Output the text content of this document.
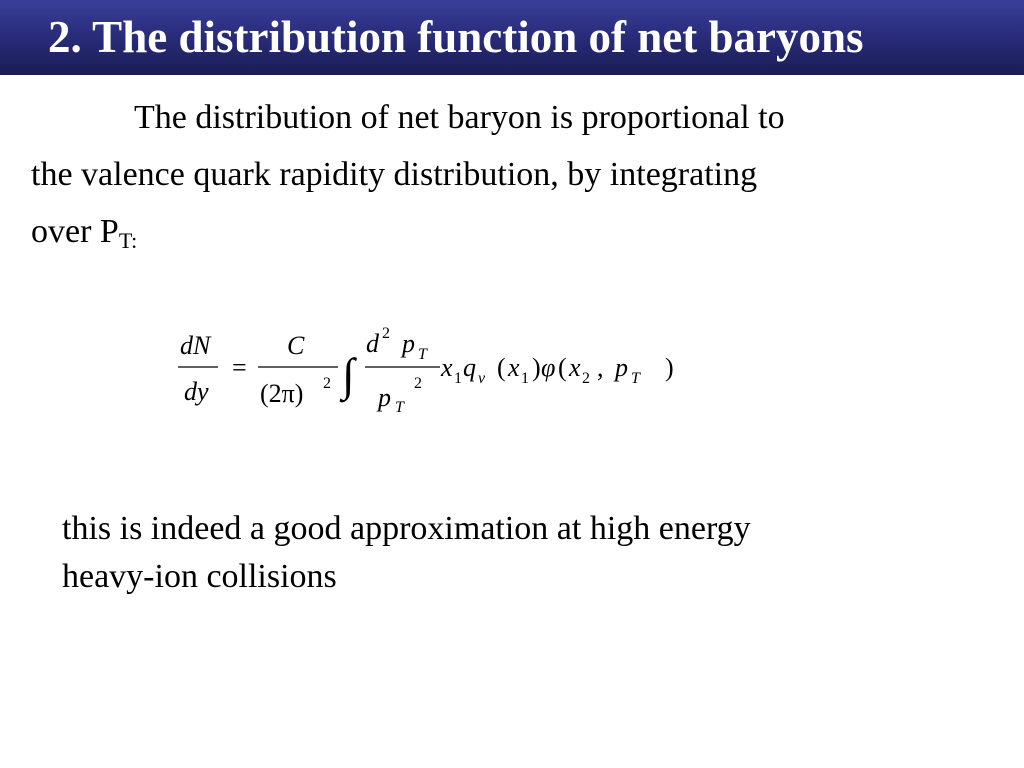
2. The distribution function of net baryons
The distribution of net baryon is proportional to
the valence quark rapidity distribution, by integrating
over $P_{T:}$
dN
dy
=
C
(2π) 2 ∫
d 2 p T
p T
2
x 1 q v ( x 1 ) φ ( x 2 , p T )
this is indeed a good approximation at high energy
heavy-ion collisions
